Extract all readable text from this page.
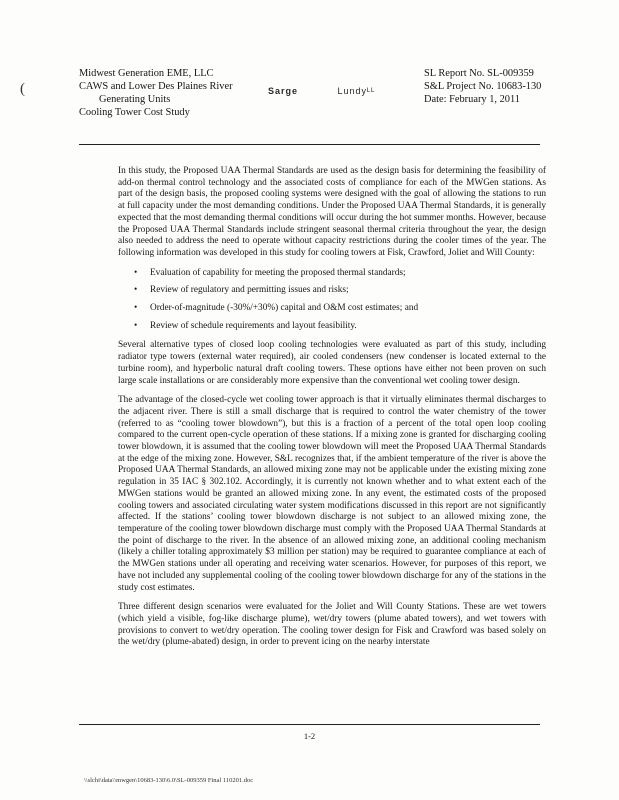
(
Midwest Generation EME, LLC
CAWS and Lower Des Plaines River
Generating Units
Cooling Tower Cost Study
Sarge	Lundyᴸᴸ
SL Report No. SL-009359
S&L Project No. 10683-130
Date: February 1, 2011

In this study, the Proposed UAA Thermal Standards are used as the design basis for determining the feasibility of add-on thermal control technology and the associated costs of compliance for each of the MWGen stations. As part of the design basis, the proposed cooling systems were designed with the goal of allowing the stations to run at full capacity under the most demanding conditions. Under the Proposed UAA Thermal Standards, it is generally expected that the most demanding thermal conditions will occur during the hot summer months. However, because the Proposed UAA Thermal Standards include stringent seasonal thermal criteria throughout the year, the design also needed to address the need to operate without capacity restrictions during the cooler times of the year. The following information was developed in this study for cooling towers at Fisk, Crawford, Joliet and Will County:

• Evaluation of capability for meeting the proposed thermal standards;
• Review of regulatory and permitting issues and risks;
• Order-of-magnitude (-30%/+30%) capital and O&M cost estimates; and
• Review of schedule requirements and layout feasibility.

Several alternative types of closed loop cooling technologies were evaluated as part of this study, including radiator type towers (external water required), air cooled condensers (new condenser is located external to the turbine room), and hyperbolic natural draft cooling towers. These options have either not been proven on such large scale installations or are considerably more expensive than the conventional wet cooling tower design.

The advantage of the closed-cycle wet cooling tower approach is that it virtually eliminates thermal discharges to the adjacent river. There is still a small discharge that is required to control the water chemistry of the tower (referred to as “cooling tower blowdown”), but this is a fraction of a percent of the total open loop cooling compared to the current open-cycle operation of these stations. If a mixing zone is granted for discharging cooling tower blowdown, it is assumed that the cooling tower blowdown will meet the Proposed UAA Thermal Standards at the edge of the mixing zone. However, S&L recognizes that, if the ambient temperature of the river is above the Proposed UAA Thermal Standards, an allowed mixing zone may not be applicable under the existing mixing zone regulation in 35 IAC § 302.102. Accordingly, it is currently not known whether and to what extent each of the MWGen stations would be granted an allowed mixing zone. In any event, the estimated costs of the proposed cooling towers and associated circulating water system modifications discussed in this report are not significantly affected. If the stations’ cooling tower blowdown discharge is not subject to an allowed mixing zone, the temperature of the cooling tower blowdown discharge must comply with the Proposed UAA Thermal Standards at the point of discharge to the river. In the absence of an allowed mixing zone, an additional cooling mechanism (likely a chiller totaling approximately $3 million per station) may be required to guarantee compliance at each of the MWGen stations under all operating and receiving water scenarios. However, for purposes of this report, we have not included any supplemental cooling of the cooling tower blowdown discharge for any of the stations in the study cost estimates.

Three different design scenarios were evaluated for the Joliet and Will County Stations. These are wet towers (which yield a visible, fog-like discharge plume), wet/dry towers (plume abated towers), and wet towers with provisions to convert to wet/dry operation. The cooling tower design for Fisk and Crawford was based solely on the wet/dry (plume-abated) design, in order to prevent icing on the nearby interstate

1-2
\\slchi\data\\mwgen\10683-130\6.0\SL-009359 Final 110201.doc
